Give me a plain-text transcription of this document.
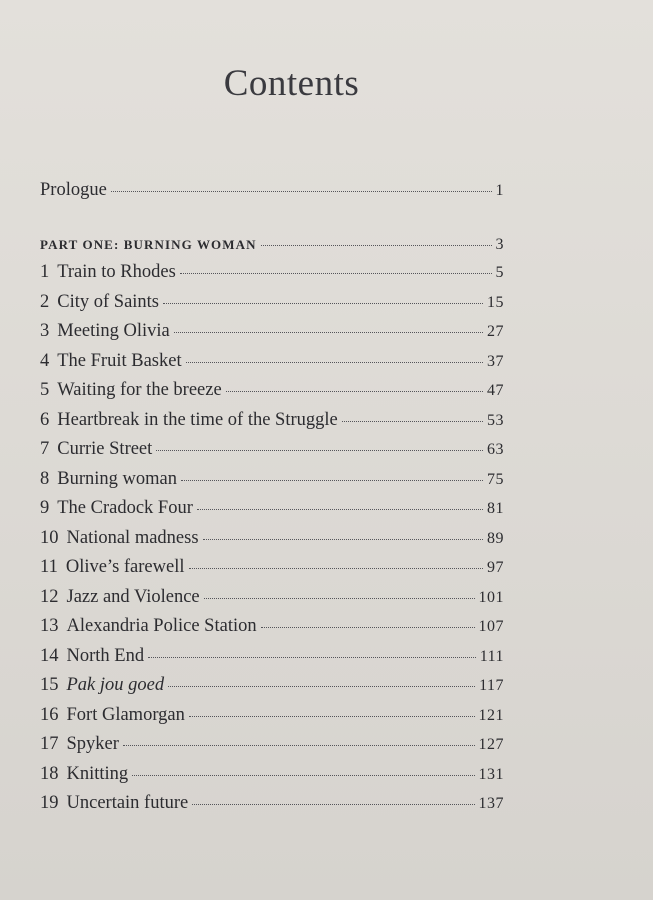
Contents
Prologue	1
PART ONE: BURNING WOMAN	3
1 Train to Rhodes	5
2 City of Saints	15
3 Meeting Olivia	27
4 The Fruit Basket	37
5 Waiting for the breeze	47
6 Heartbreak in the time of the Struggle	53
7 Currie Street	63
8 Burning woman	75
9 The Cradock Four	81
10 National madness	89
11 Olive’s farewell	97
12 Jazz and Violence	101
13 Alexandria Police Station	107
14 North End	111
15 Pak jou goed	117
16 Fort Glamorgan	121
17 Spyker	127
18 Knitting	131
19 Uncertain future	137
